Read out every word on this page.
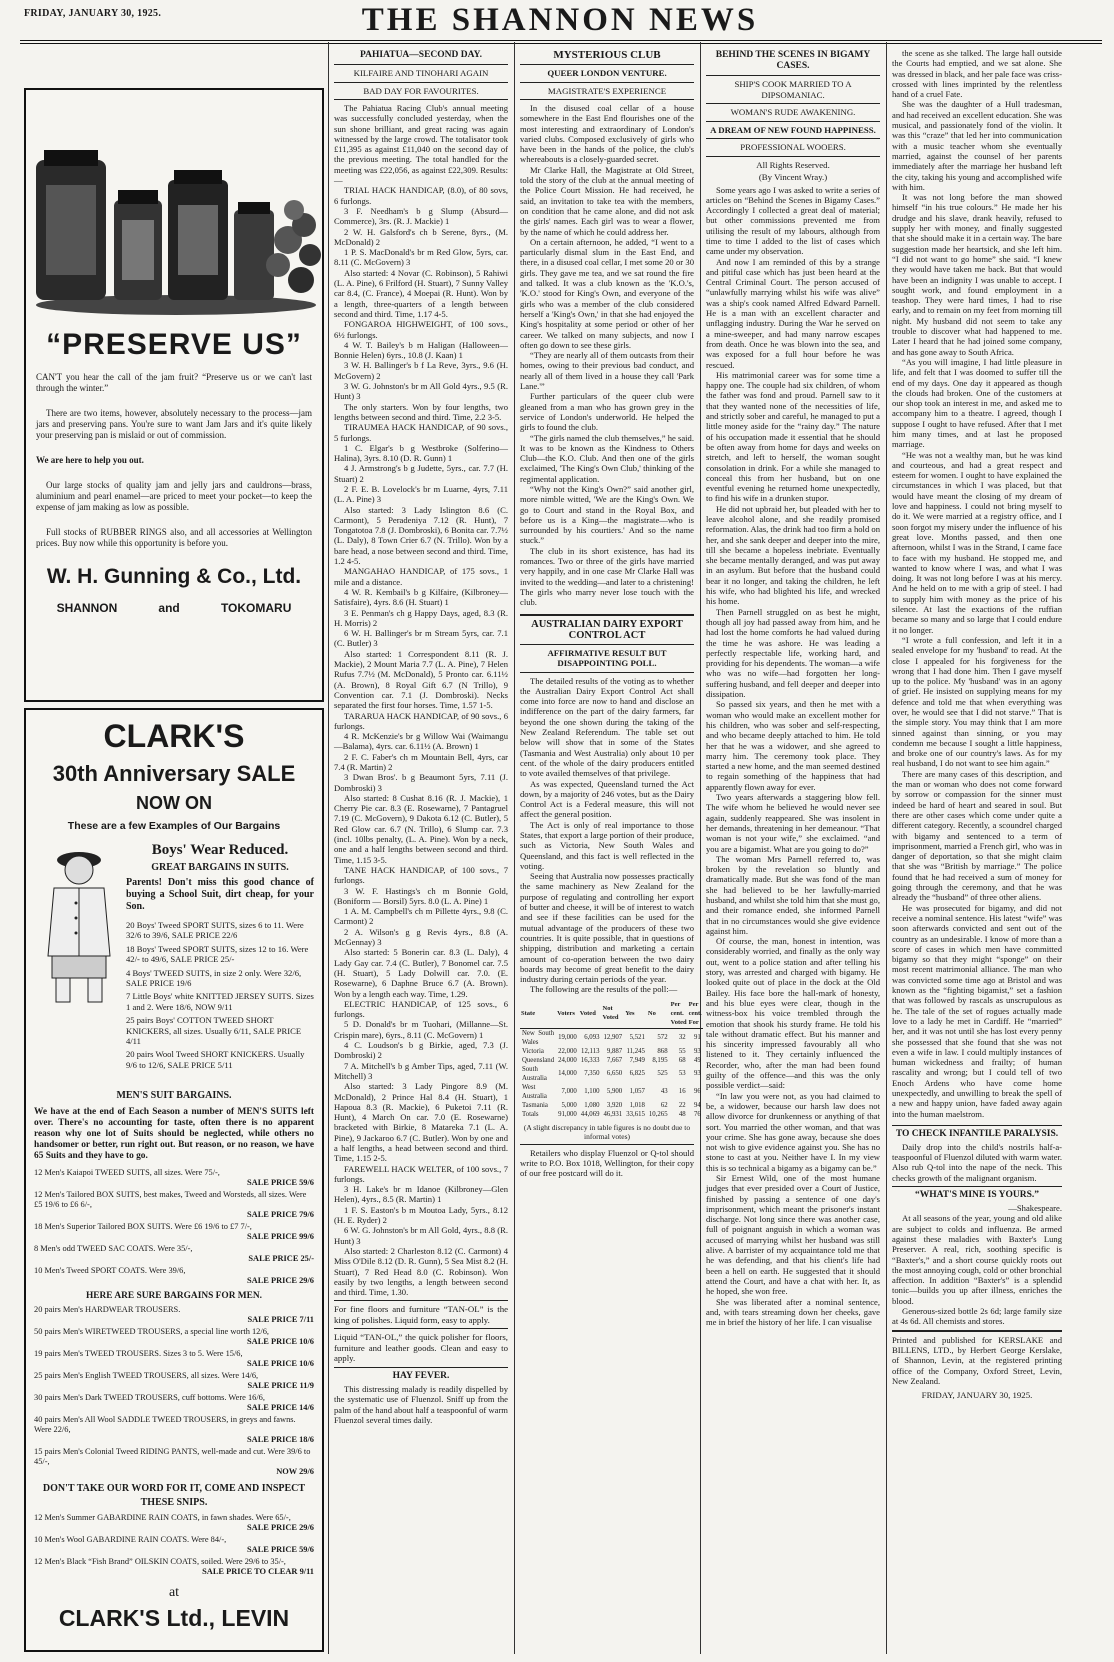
FRIDAY, JANUARY 30, 1925.	THE SHANNON NEWS
“PRESERVE US”
CAN'T you hear the call of the jam fruit? “Preserve us or we can't last through the winter.”
There are two items, however, absolutely necessary to the process—jam jars and preserving pans. You're sure to want Jam Jars and it's quite likely your preserving pan is mislaid or out of commission.
We are here to help you out.
Our large stocks of quality jam and jelly jars and cauldrons—brass, aluminium and pearl enamel—are priced to meet your pocket—to keep the expense of jam making as low as possible.
Full stocks of RUBBER RINGS also, and all accessories at Wellington prices. Buy now while this opportunity is before you.
W. H. Gunning & Co., Ltd.
SHANNON	and	TOKOMARU
CLARK'S
30th Anniversary SALE
NOW ON
These are a few Examples of Our Bargains
Boys' Wear Reduced.
GREAT BARGAINS IN SUITS.
Parents! Don't miss this good chance of buying a School Suit, dirt cheap, for your Son.
20 Boys' Tweed SPORT SUITS, sizes 6 to 11. Were 32/6 to 39/6, SALE PRICE 22/6
18 Boys' Tweed SPORT SUITS, sizes 12 to 16. Were 42/- to 49/6, SALE PRICE 25/-
4 Boys' TWEED SUITS, in size 2 only. Were 32/6, SALE PRICE 19/6
7 Little Boys' white KNITTED JERSEY SUITS. Sizes 1 and 2. Were 18/6, NOW 9/11
25 pairs Boys' COTTON TWEED SHORT KNICKERS, all sizes. Usually 6/11, SALE PRICE 4/11
20 pairs Wool Tweed SHORT KNICKERS. Usually 9/6 to 12/6, SALE PRICE 5/11
MEN'S SUIT BARGAINS.
We have at the end of Each Season a number of MEN'S SUITS left over. There's no accounting for taste, often there is no apparent reason why one lot of Suits should be neglected, while others no handsomer or better, run right out. But reason, or no reason, we have 65 Suits and they have to go.
12 Men's Kaiapoi TWEED SUITS, all sizes. Were 75/-,
SALE PRICE 59/6
12 Men's Tailored BOX SUITS, best makes, Tweed and Worsteds, all sizes. Were £5 19/6 to £6 6/-,
SALE PRICE 79/6
18 Men's Superior Tailored BOX SUITS. Were £6 19/6 to £7 7/-,
SALE PRICE 99/6
8 Men's odd TWEED SAC COATS. Were 35/-,
SALE PRICE 25/-
10 Men's Tweed SPORT COATS. Were 39/6,
SALE PRICE 29/6
HERE ARE SURE BARGAINS FOR MEN.
20 pairs Men's HARDWEAR TROUSERS.
SALE PRICE 7/11
50 pairs Men's WIRETWEED TROUSERS, a special line worth 12/6,
SALE PRICE 10/6
19 pairs Men's TWEED TROUSERS. Sizes 3 to 5. Were 15/6,
SALE PRICE 10/6
25 pairs Men's English TWEED TROUSERS, all sizes. Were 14/6,
SALE PRICE 11/9
30 pairs Men's Dark TWEED TROUSERS, cuff bottoms. Were 16/6,
SALE PRICE 14/6
40 pairs Men's All Wool SADDLE TWEED TROUSERS, in greys and fawns. Were 22/6,
SALE PRICE 18/6
15 pairs Men's Colonial Tweed RIDING PANTS, well-made and cut. Were 39/6 to 45/-,
NOW 29/6
DON'T TAKE OUR WORD FOR IT, COME AND INSPECT
THESE SNIPS.
12 Men's Summer GABARDINE RAIN COATS, in fawn shades. Were 65/-,
SALE PRICE 29/6
10 Men's Wool GABARDINE RAIN COATS. Were 84/-,
SALE PRICE 59/6
12 Men's Black “Fish Brand” OILSKIN COATS, soiled. Were 29/6 to 35/-,
SALE PRICE TO CLEAR 9/11
at
CLARK'S Ltd., LEVIN
PAHIATUA—SECOND DAY.
KILFAIRE AND TINOHARI AGAIN
BAD DAY FOR FAVOURITES.

The Pahiatua Racing Club's annual meeting was successfully concluded yesterday, when the sun shone brilliant, and great racing was again witnessed by the large crowd. The totalisator took £11,395 as against £11,040 on the second day of the previous meeting. The total handled for the meeting was £22,056, as against £22,309. Results:—

TRIAL HACK HANDICAP, (8.0), of 80 sovs, 6 furlongs.

3 F. Needham's b g Slump (Absurd—Commerce), 3rs. (R. J. Mackie) 1

2 W. H. Galsford's ch b Serene, 8yrs., (M. McDonald) 2

1 P. S. MacDonald's br m Red Glow, 5yrs, car. 8.11 (C. McGovern) 3

Also started: 4 Novar (C. Robinson), 5 Rahiwi (L. A. Pine), 6 Frilford (H. Stuart), 7 Sunny Valley car 8.4, (C. France), 4 Moepai (R. Hunt). Won by a length, three-quarters of a length between second and third. Time, 1.17 4-5.

FONGAROA HIGHWEIGHT, of 100 sovs., 6½ furlongs.

4 W. T. Bailey's b m Haligan (Halloween—Bonnie Helen) 6yrs., 10.8 (J. Kaan) 1

3 W. H. Ballinger's b f La Reve, 3yrs., 9.6 (H. McGovern) 2

3 W. G. Johnston's br m All Gold 4yrs., 9.5 (R. Hunt) 3

The only starters. Won by four lengths, two lengths between second and third. Time, 2.2 3-5.

TIRAUMEA HACK HANDICAP, of 90 sovs., 5 furlongs.

1 C. Elgar's b g Westbroke (Solferino—Halina), 3yrs. 8.10 (D. R. Gunn) 1

4 J. Armstrong's b g Judette, 5yrs., car. 7.7 (H. Stuart) 2

2 F. E. B. Lovelock's br m Luarne, 4yrs, 7.11 (L. A. Pine) 3

Also started: 3 Lady Islington 8.6 (C. Carmont), 5 Peradeniya 7.12 (R. Hunt), 7 Tongatotoa 7.8 (J. Dombroski), 6 Bonita car. 7.7½ (L. Daly), 8 Town Crier 6.7 (N. Trillo). Won by a bare head, a nose between second and third. Time, 1.2 4-5.

MANGAHAO HANDICAP, of 175 sovs., 1 mile and a distance.

4 W. R. Kembail's b g Kilfaire, (Kilbroney—Satisfaire), 4yrs. 8.6 (H. Stuart) 1

3 E. Penman's ch g Happy Days, aged, 8.3 (R. H. Morris) 2

6 W. H. Ballinger's br m Stream 5yrs, car. 7.1 (C. Butler) 3

Also started: 1 Correspondent 8.11 (R. J. Mackie), 2 Mount Maria 7.7 (L. A. Pine), 7 Helen Rufus 7.7½ (M. McDonald), 5 Pronto car. 6.11½ (A. Brown), 8 Royal Gift 6.7 (N Trillo), 9 Convention car. 7.1 (J. Dombroski). Necks separated the first four horses. Time, 1.57 1-5.

TARARUA HACK HANDICAP, of 90 sovs., 6 furlongs.

4 R. McKenzie's br g Willow Wai (Waimangu—Balama), 4yrs. car. 6.11½ (A. Brown) 1

2 F. C. Faber's ch m Mountain Bell, 4yrs, car 7.4 (R. Martin) 2

3 Dwan Bros'. b g Beaumont 5yrs, 7.11 (J. Dombroski) 3

Also started: 8 Cushat 8.16 (R. J. Mackie), 1 Cherry Pie car. 8.3 (E. Rosewarne), 7 Pantagruel 7.19 (C. McGovern), 9 Dakota 6.12 (C. Butler), 5 Red Glow car. 6.7 (N. Trillo), 6 Slump car. 7.3 (incl. 10lbs penalty, (L. A. Pine). Won by a neck, one and a half lengths between second and third. Time, 1.15 3-5.

TANE HACK HANDICAP, of 100 sovs., 7 furlongs.

3 W. F. Hastings's ch m Bonnie Gold, (Boniform — Borsil) 5yrs. 8.0 (L. A. Pine) 1

1 A. M. Campbell's ch m Pillette 4yrs., 9.8 (C. Carmont) 2

2 A. Wilson's g g Revis 4yrs., 8.8 (A. McGennay) 3

Also started: 5 Bonerin car. 8.3 (L. Daly), 4 Lady Gay car. 7.4 (C. Butler), 7 Bonomel car. 7.5 (H. Stuart), 5 Lady Dolwill car. 7.0. (E. Rosewarne), 6 Daphne Bruce 6.7 (A. Brown). Won by a length each way. Time, 1.29.

ELECTRIC HANDICAP, of 125 sovs., 6 furlongs.

5 D. Donald's br m Tuohari, (Millanne—St. Crispin mare), 6yrs., 8.11 (C. McGovern) 1

4 C. Loudson's b g Birkie, aged, 7.3 (J. Dombroski) 2

7 A. Mitchell's b g Amber Tips, aged, 7.11 (W. Mitchell) 3

Also started: 3 Lady Pingore 8.9 (M. McDonald), 2 Prince Hal 8.4 (H. Stuart), 1 Hapoua 8.3 (R. Mackie), 6 Puketoi 7.11 (R. Hunt), 4 March On car. 7.0 (E. Rosewarne) bracketed with Birkie, 8 Matareka 7.1 (L. A. Pine), 9 Jackaroo 6.7 (C. Butler). Won by one and a half lengths, a head between second and third. Time, 1.15 2-5.

FAREWELL HACK WELTER, of 100 sovs., 7 furlongs.

3 H. Lake's br m Idanoe (Kilbroney—Glen Helen), 4yrs., 8.5 (R. Martin) 1

1 F. S. Easton's b m Moutoa Lady, 5yrs., 8.12 (H. E. Ryder) 2

6 W. G. Johnston's br m All Gold, 4yrs., 8.8 (R. Hunt) 3

Also started: 2 Charleston 8.12 (C. Carmont) 4 Miss O'Dile 8.12 (D. R. Gunn), 5 Sea Mist 8.2 (H. Stuart), 7 Red Head 8.0 (C. Robinson). Won easily by two lengths, a length between second and third. Time, 1.30.

For fine floors and furniture “TAN-OL” is the king of polishes. Liquid form, easy to apply.
Liquid “TAN-OL,” the quick polisher for floors, furniture and leather goods. Clean and easy to apply.
HAY FEVER.

This distressing malady is readily dispelled by the systematic use of Fluenzol. Sniff up from the palm of the hand about half a teaspoonful of warm Fluenzol several times daily.

MYSTERIOUS CLUB
QUEER LONDON VENTURE.
MAGISTRATE'S EXPERIENCE

In the disused coal cellar of a house somewhere in the East End flourishes one of the most interesting and extraordinary of London's varied clubs. Composed exclusively of girls who have been in the hands of the police, the club's whereabouts is a closely-guarded secret.

Mr Clarke Hall, the Magistrate at Old Street, told the story of the club at the annual meeting of the Police Court Mission. He had received, he said, an invitation to take tea with the members, on condition that he came alone, and did not ask the girls' names. Each girl was to wear a flower, by the name of which he could address her.

On a certain afternoon, he added, “I went to a particularly dismal slum in the East End, and there, in a disused coal cellar, I met some 20 or 30 girls. They gave me tea, and we sat round the fire and talked. It was a club known as the 'K.O.'s, 'K.O.' stood for King's Own, and everyone of the girls who was a member of the club considered herself a 'King's Own,' in that she had enjoyed the King's hospitality at some period or other of her career. We talked on many subjects, and now I often go down to see these girls.

“They are nearly all of them outcasts from their homes, owing to their previous bad conduct, and nearly all of them lived in a house they call 'Park Lane.'”

Further particulars of the queer club were gleaned from a man who has grown grey in the service of London's underworld. He helped the girls to found the club.

“The girls named the club themselves,” he said. It was to be known as the Kindness to Others Club—the K.O. Club. And then one of the girls exclaimed, 'The King's Own Club,' thinking of the regimental application.

“Why not the King's Own?” said another girl, more nimble witted, 'We are the King's Own. We go to Court and stand in the Royal Box, and before us is a King—the magistrate—who is surrounded by his courtiers.' And so the name stuck.”

The club in its short existence, has had its romances. Two or three of the girls have married very happily, and in one case Mr Clarke Hall was invited to the wedding—and later to a christening! The girls who marry never lose touch with the club.

AUSTRALIAN DAIRY EXPORT CONTROL ACT
AFFIRMATIVE RESULT BUT DISAPPOINTING POLL.

The detailed results of the voting as to whether the Australian Dairy Export Control Act shall come into force are now to hand and disclose an indifference on the part of the dairy farmers, far beyond the one shown during the taking of the New Zealand Referendum. The table set out below will show that in some of the States (Tasmania and West Australia) only about 10 per cent. of the whole of the dairy producers entitled to vote availed themselves of that privilege.

As was expected, Queensland turned the Act down, by a majority of 246 votes, but as the Dairy Control Act is a Federal measure, this will not affect the general position.

The Act is only of real importance to those States, that export a large portion of their produce, such as Victoria, New South Wales and Queensland, and this fact is well reflected in the voting.

Seeing that Australia now possesses practically the same machinery as New Zealand for the purpose of regulating and controlling her export of butter and cheese, it will be of interest to watch and see if these facilities can be used for the mutual advantage of the producers of these two countries. It is quite possible, that in questions of shipping, distribution and marketing a certain amount of co-operation between the two dairy boards may become of great benefit to the dairy industry during certain periods of the year.

The following are the results of the poll:—

State	Voters	Voted	Not Voted	Yes	No	Per cent. Voted	Per cent. For
New South Wales	19,000	6,093	12,907	5,521	572	32	91
Victoria	22,000	12,113	9,887	11,245	868	55	93
Queensland	24,000	16,333	7,667	7,949	8,195	68	49
South Australia	14,000	7,350	6,650	6,825	525	53	93
West Australia	7,000	1,100	5,900	1,057	43	16	96
Tasmania	5,000	1,080	3,920	1,018	62	22	94
Totals	91,000	44,069	46,931	33,615	10,265	48	76
(A slight discrepancy in table figures is no doubt due to informal votes)

Retailers who display Fluenzol or Q-tol should write to P.O. Box 1018, Wellington, for their copy of our free postcard will do it.

BEHIND THE SCENES IN BIGAMY CASES.
SHIP'S COOK MARRIED TO A DIPSOMANIAC.
WOMAN'S RUDE AWAKENING.
A DREAM OF NEW FOUND HAPPINESS.
PROFESSIONAL WOOERS.
All Rights Reserved.
(By Vincent Wray.)

Some years ago I was asked to write a series of articles on “Behind the Scenes in Bigamy Cases.” Accordingly I collected a great deal of material; but other commissions prevented me from utilising the result of my labours, although from time to time I added to the list of cases which came under my observation.

And now I am reminded of this by a strange and pitiful case which has just been heard at the Central Criminal Court. The person accused of “unlawfully marrying whilst his wife was alive” was a ship's cook named Alfred Edward Parnell. He is a man with an excellent character and unflagging industry. During the War he served on a mine-sweeper, and had many narrow escapes from death. Once he was blown into the sea, and was exposed for a full hour before he was rescued.

His matrimonial career was for some time a happy one. The couple had six children, of whom the father was fond and proud. Parnell saw to it that they wanted none of the necessities of life, and strictly sober and careful, he managed to put a little money aside for the “rainy day.” The nature of his occupation made it essential that he should be often away from home for days and weeks on stretch, and left to herself, the woman sought consolation in drink. For a while she managed to conceal this from her husband, but on one eventful evening he returned home unexpectedly, to find his wife in a drunken stupor.

He did not upbraid her, but pleaded with her to leave alcohol alone, and she readily promised reformation. Alas, the drink had too firm a hold on her, and she sank deeper and deeper into the mire, till she became a hopeless inebriate. Eventually she became mentally deranged, and was put away in an asylum. But before that the husband could bear it no longer, and taking the children, he left his wife, who had blighted his life, and wrecked his home.

Then Parnell struggled on as best he might, though all joy had passed away from him, and he had lost the home comforts he had valued during the time he was ashore. He was leading a perfectly respectable life, working hard, and providing for his dependents. The woman—a wife who was no wife—had forgotten her long-suffering husband, and fell deeper and deeper into dissipation.

So passed six years, and then he met with a woman who would make an excellent mother for his children, who was sober and self-respecting, and who became deeply attached to him. He told her that he was a widower, and she agreed to marry him. The ceremony took place. They started a new home, and the man seemed destined to regain something of the happiness that had apparently flown away for ever.

Two years afterwards a staggering blow fell. The wife whom he believed he would never see again, suddenly reappeared. She was insolent in her demands, threatening in her demeanour. “That woman is not your wife,” she exclaimed. “and you are a bigamist. What are you going to do?”

The woman Mrs Parnell referred to, was broken by the revelation so bluntly and dramatically made. But she was fond of the man she had believed to be her lawfully-married husband, and whilst she told him that she must go, and their romance ended, she informed Parnell that in no circumstances would she give evidence against him.

Of course, the man, honest in intention, was considerably worried, and finally as the only way out, went to a police station and after telling his story, was arrested and charged with bigamy. He looked quite out of place in the dock at the Old Bailey. His face bore the hall-mark of honesty, and his blue eyes were clear, though in the witness-box his voice trembled through the emotion that shook his sturdy frame. He told his tale without dramatic effect. But his manner and his sincerity impressed favourably all who listened to it. They certainly influenced the Recorder, who, after the man had been found guilty of the offence—and this was the only possible verdict—said:

“In law you were not, as you had claimed to be, a widower, because our harsh law does not allow divorce for drunkenness or anything of that sort. You married the other woman, and that was your crime. She has gone away, because she does not wish to give evidence against you. She has no stone to cast at you. Neither have I. In my view this is so technical a bigamy as a bigamy can be.”

Sir Ernest Wild, one of the most humane judges that ever presided over a Court of Justice, finished by passing a sentence of one day's imprisonment, which meant the prisoner's instant discharge. Not long since there was another case, full of poignant anguish in which a woman was accused of marrying whilst her husband was still alive. A barrister of my acquaintance told me that he was defending, and that his client's life had been a hell on earth. He suggested that it should attend the Court, and have a chat with her. It, as he hoped, she won free.

She was liberated after a nominal sentence, and, with tears streaming down her cheeks, gave me in brief the history of her life. I can visualise

the scene as she talked. The large hall outside the Courts had emptied, and we sat alone. She was dressed in black, and her pale face was criss-crossed with lines imprinted by the relentless hand of a cruel Fate.

She was the daughter of a Hull tradesman, and had received an excellent education. She was musical, and passionately fond of the violin. It was this “craze” that led her into communication with a music teacher whom she eventually married, against the counsel of her parents immediately after the marriage her husband left the city, taking his young and accomplished wife with him.

It was not long before the man showed himself “in his true colours.” He made her his drudge and his slave, drank heavily, refused to supply her with money, and finally suggested that she should make it in a certain way. The bare suggestion made her heartsick, and she left him. “I did not want to go home” she said. “I knew they would have taken me back. But that would have been an indignity I was unable to accept. I sought work, and found employment in a teashop. They were hard times, I had to rise early, and to remain on my feet from morning till night. My husband did not seem to take any trouble to discover what had happened to me. Later I heard that he had joined some company, and has gone away to South Africa.

“As you will imagine, I had little pleasure in life, and felt that I was doomed to suffer till the end of my days. One day it appeared as though the clouds had broken. One of the customers at our shop took an interest in me, and asked me to accompany him to a theatre. I agreed, though I suppose I ought to have refused. After that I met him many times, and at last he proposed marriage.

“He was not a wealthy man, but he was kind and courteous, and had a great respect and esteem for women. I ought to have explained the circumstances in which I was placed, but that would have meant the closing of my dream of love and happiness. I could not bring myself to do it. We were married at a registry office, and I soon forgot my misery under the influence of his great love. Months passed, and then one afternoon, whilst I was in the Strand, I came face to face with my husband. He stopped me, and wanted to know where I was, and what I was doing. It was not long before I was at his mercy. And he held on to me with a grip of steel. I had to supply him with money as the price of his silence. At last the exactions of the ruffian became so many and so large that I could endure it no longer.

“I wrote a full confession, and left it in a sealed envelope for my 'husband' to read. At the close I appealed for his forgiveness for the wrong that I had done him. Then I gave myself up to the police. My 'husband' was in an agony of grief. He insisted on supplying means for my defence and told me that when everything was over, he would see that I did not starve.” That is the simple story. You may think that I am more sinned against than sinning, or you may condemn me because I sought a little happiness, and broke one of our country's laws. As for my real husband, I do not want to see him again.”

There are many cases of this description, and the man or woman who does not come forward by sorrow or compassion for the sinner must indeed be hard of heart and seared in soul. But there are other cases which come under quite a different category. Recently, a scoundrel charged with bigamy and sentenced to a term of imprisonment, married a French girl, who was in danger of deportation, so that she might claim that she was “British by marriage.” The police found that he had received a sum of money for going through the ceremony, and that he was already the “husband” of three other aliens.

He was prosecuted for bigamy, and did not receive a nominal sentence. His latest “wife” was soon afterwards convicted and sent out of the country as an undesirable. I know of more than a score of cases in which men have committed bigamy so that they might “sponge” on their most recent matrimonial alliance. The man who was convicted some time ago at Bristol and was known as the “fighting bigamist,” set a fashion that was followed by rascals as unscrupulous as he. The tale of the set of rogues actually made love to a lady he met in Cardiff. He “married” her, and it was not until she has lost every penny she possessed that she found that she was not even a wife in law. I could multiply instances of human wickedness and frailty; of human rascality and wrong; but I could tell of two Enoch Ardens who have come home unexpectedly, and unwilling to break the spell of a new and happy union, have faded away again into the human maelstrom.

TO CHECK INFANTILE PARALYSIS.

Daily drop into the child's nostrils half-a-teaspoonful of Fluenzol diluted with warm water. Also rub Q-tol into the nape of the neck. This checks growth of the malignant organism.

“WHAT'S MINE IS YOURS.”
—Shakespeare.

At all seasons of the year, young and old alike are subject to colds and influenza. Be armed against these maladies with Baxter's Lung Preserver. A real, rich, soothing specific is “Baxter's,” and a short course quickly roots out the most annoying cough, cold or other bronchial affection. In addition “Baxter's” is a splendid tonic—builds you up after illness, enriches the blood.

Generous-sized bottle 2s 6d; large family size at 4s 6d. All chemists and stores.

Printed and published for KERSLAKE and BILLENS, LTD., by Herbert George Kerslake, of Shannon, Levin, at the registered printing office of the Company, Oxford Street, Levin, New Zealand.

FRIDAY, JANUARY 30, 1925.
